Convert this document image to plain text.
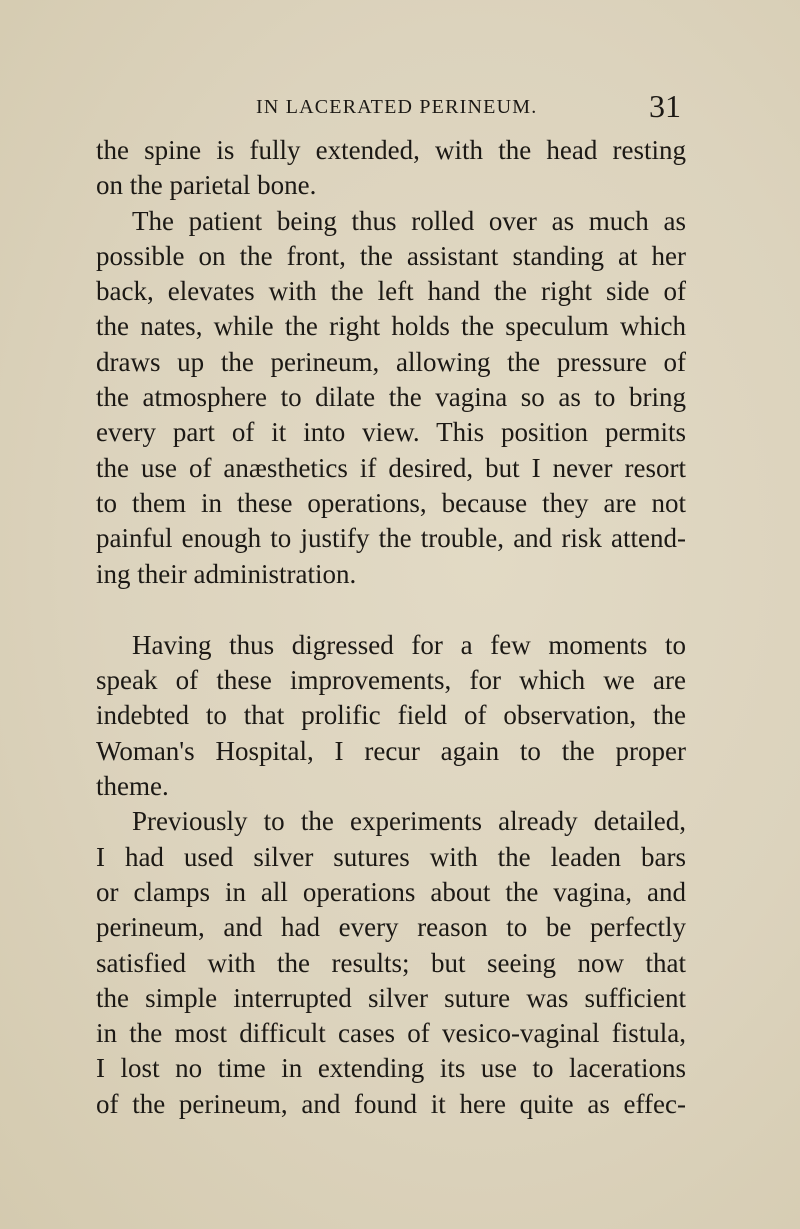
IN LACERATED PERINEUM.	31
the spine is fully extended, with the head resting
on the parietal bone.
The patient being thus rolled over as much as
possible on the front, the assistant standing at her
back, elevates with the left hand the right side of
the nates, while the right holds the speculum which
draws up the perineum, allowing the pressure of
the atmosphere to dilate the vagina so as to bring
every part of it into view. This position permits
the use of anæsthetics if desired, but I never resort
to them in these operations, because they are not
painful enough to justify the trouble, and risk attend-
ing their administration.
Having thus digressed for a few moments to
speak of these improvements, for which we are
indebted to that prolific field of observation, the
Woman's Hospital, I recur again to the proper
theme.
Previously to the experiments already detailed,
I had used silver sutures with the leaden bars
or clamps in all operations about the vagina, and
perineum, and had every reason to be perfectly
satisfied with the results; but seeing now that
the simple interrupted silver suture was sufficient
in the most difficult cases of vesico-vaginal fistula,
I lost no time in extending its use to lacerations
of the perineum, and found it here quite as effec-
